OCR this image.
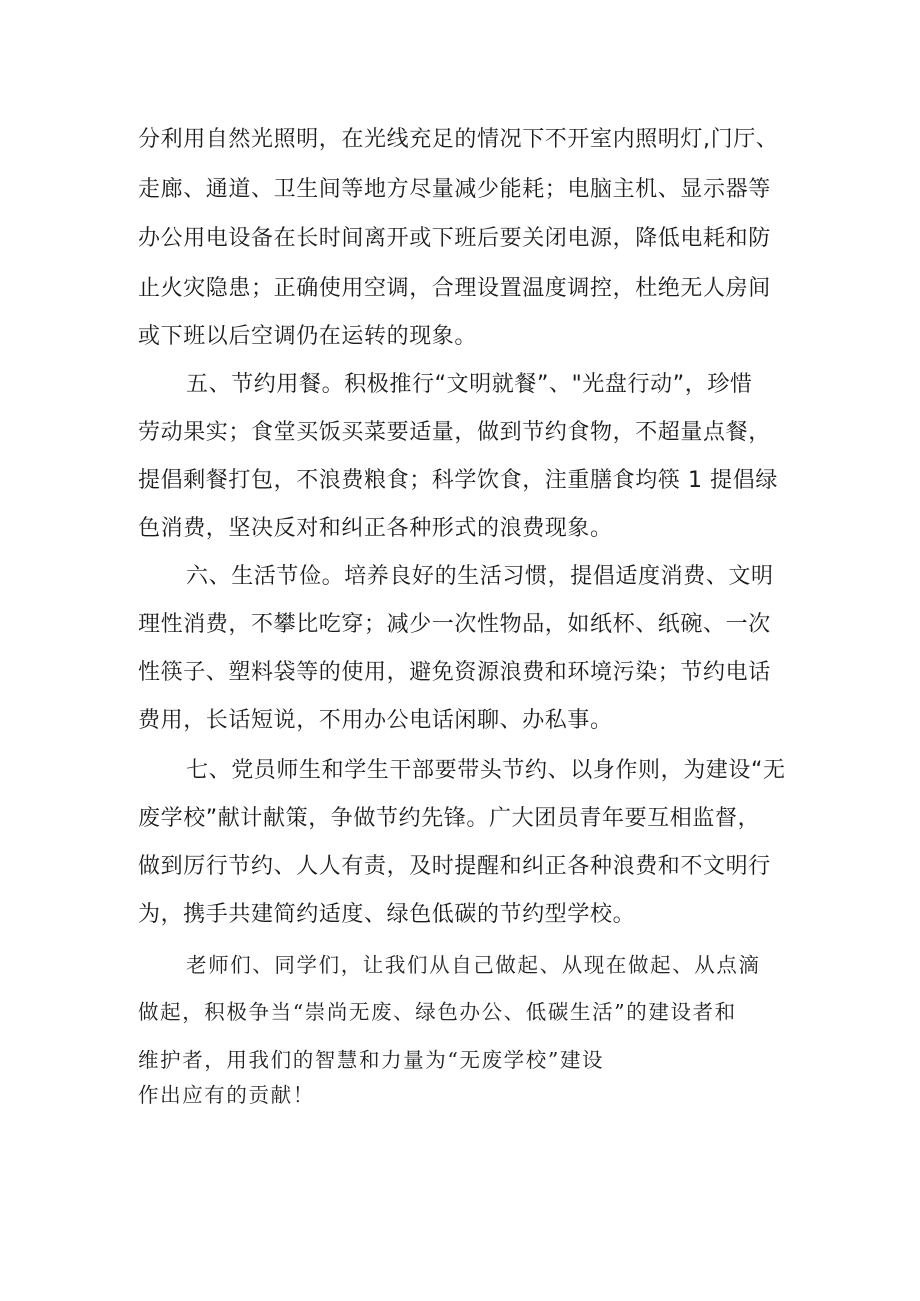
分利用自然光照明，在光线充足的情况下不开室内照明灯,门厅、
走廊、通道、卫生间等地方尽量减少能耗；电脑主机、显示器等
办公用电设备在长时间离开或下班后要关闭电源，降低电耗和防
止火灾隐患；正确使用空调，合理设置温度调控，杜绝无人房间
或下班以后空调仍在运转的现象。
五、节约用餐。积极推行“文明就餐”、"光盘行动”，珍惜
劳动果实；食堂买饭买菜要适量，做到节约食物，不超量点餐，
提倡剩餐打包，不浪费粮食；科学饮食，注重膳食均筷 1 提倡绿
色消费，坚决反对和纠正各种形式的浪费现象。
六、生活节俭。培养良好的生活习惯，提倡适度消费、文明
理性消费，不攀比吃穿；减少一次性物品，如纸杯、纸碗、一次
性筷子、塑料袋等的使用，避免资源浪费和环境污染；节约电话
费用，长话短说，不用办公电话闲聊、办私事。
七、党员师生和学生干部要带头节约、以身作则，为建设“无
废学校”献计献策，争做节约先锋。广大团员青年要互相监督，
做到厉行节约、人人有责，及时提醒和纠正各种浪费和不文明行
为，携手共建简约适度、绿色低碳的节约型学校。
老师们、同学们，让我们从自己做起、从现在做起、从点滴
做起，积极争当“崇尚无废、绿色办公、低碳生活”的建设者和
维护者，用我们的智慧和力量为“无废学校”建设
作出应有的贡献！
